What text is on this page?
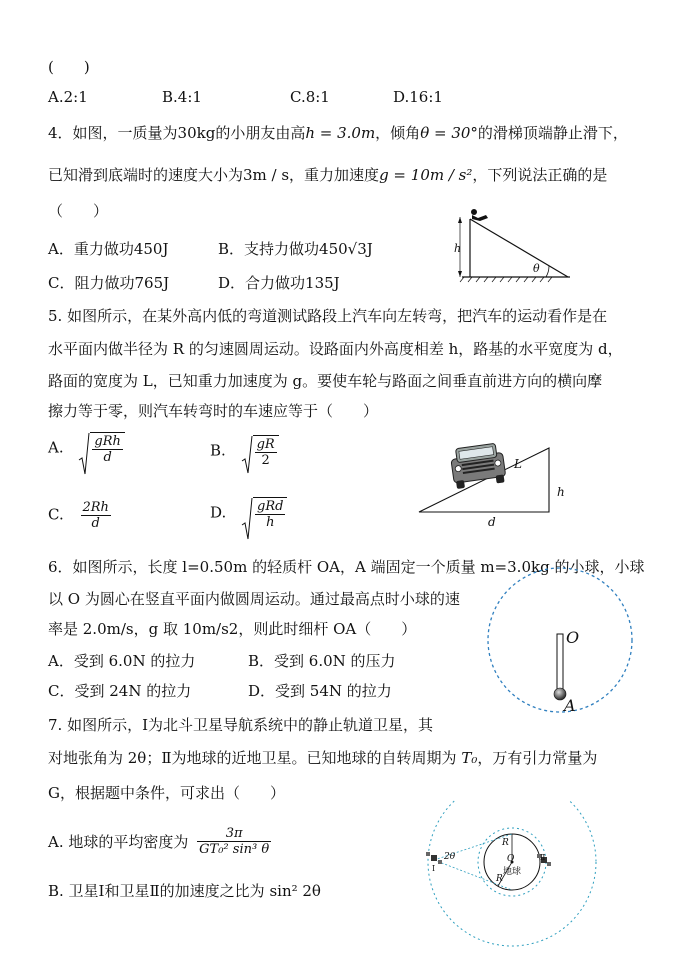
(　　)
A.2:1	B.4:1	C.8:1	D.16:1
4．如图，一质量为30kg的小朋友由高h = 3.0m，倾角θ = 30°的滑梯顶端静止滑下，
已知滑到底端时的速度大小为3m / s，重力加速度g = 10m / s²，下列说法正确的是
（　　）
A．重力做功450J	B．支持力做功450√3J
C．阻力做功765J	D．合力做功135J
h
θ
5. 如图所示，在某外高内低的弯道测试路段上汽车向左转弯，把汽车的运动看作是在
水平面内做半径为 R 的匀速圆周运动。设路面内外高度相差 h，路基的水平宽度为 d，
路面的宽度为 L，已知重力加速度为 g。要使车轮与路面之间垂直前进方向的横向摩
擦力等于零，则汽车转弯时的车速应等于（　　）
A. $\frac{\text{gRh}}{d}$	B. $\frac{gR}{2}$
C. $\frac{2Rh}{d}$	D. $\frac{\text{gRd}}{h}$
L
h
d
6．如图所示，长度 l=0.50m 的轻质杆 OA，A 端固定一个质量 m=3.0kg 的小球，小球
以 O 为圆心在竖直平面内做圆周运动。通过最高点时小球的速
率是 2.0m/s，g 取 10m/s2，则此时细杆 OA（　　）
A．受到 6.0N 的拉力	B．受到 6.0N 的压力
C．受到 24N 的拉力	D．受到 54N 的拉力
O
A
7. 如图所示，Ⅰ为北斗卫星导航系统中的静止轨道卫星，其
对地张角为 2θ；Ⅱ为地球的近地卫星。已知地球的自转周期为 T₀，万有引力常量为
G，根据题中条件，可求出（　　）
A. 地球的平均密度为 $\frac{3\pi}{\text{GT₀² sin³ θ}}$
B. 卫星Ⅰ和卫星Ⅱ的加速度之比为 sin² 2θ
R
R
O
地球
2θ
Ⅰ
Ⅱ
